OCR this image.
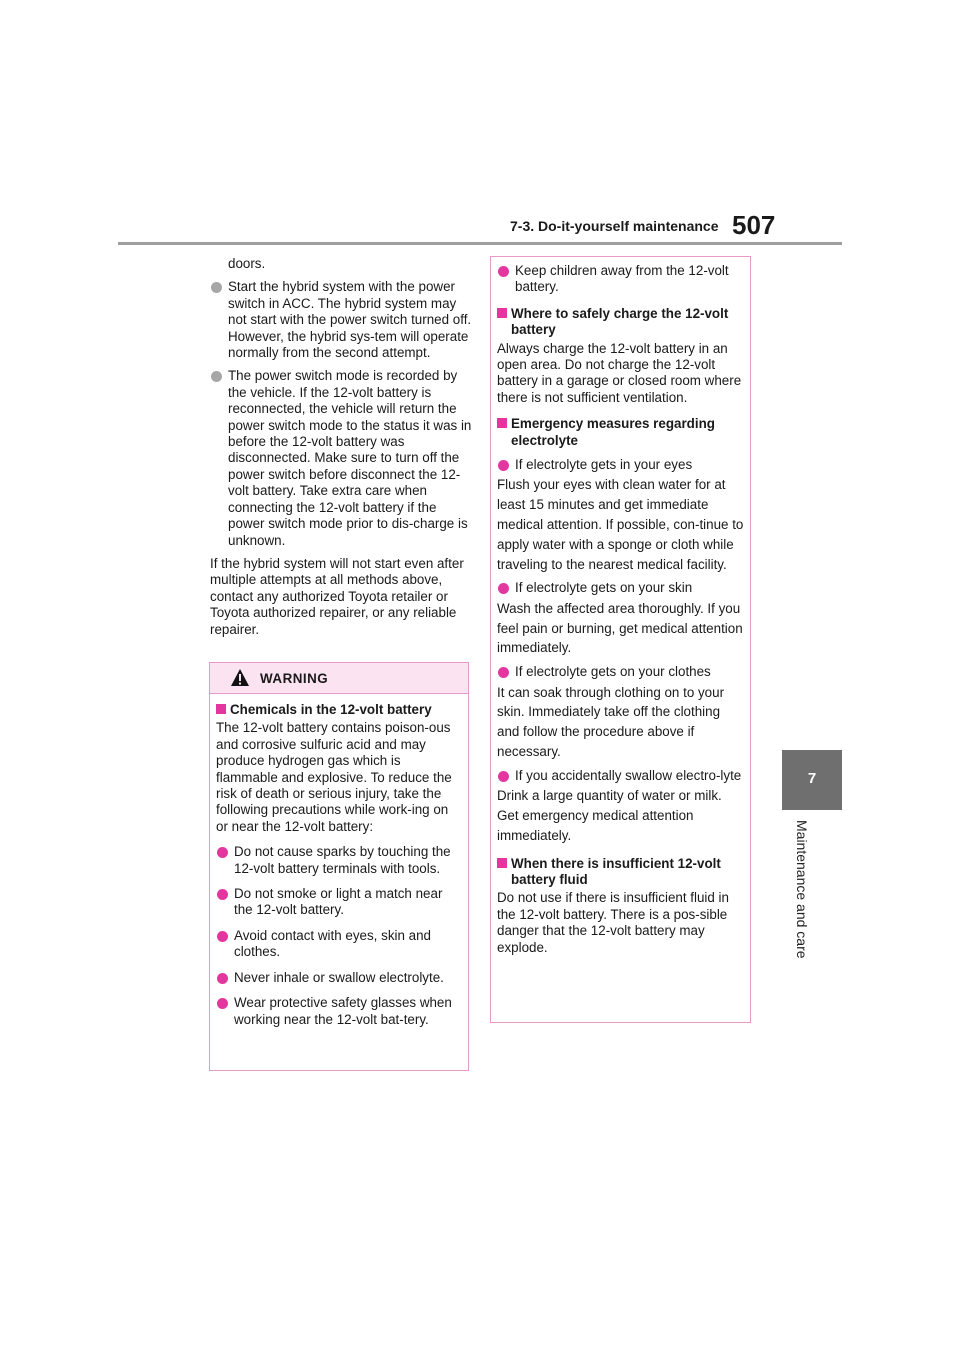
7-3. Do-it-yourself maintenance 507
7
Maintenance and care

doors.

Start the hybrid system with the power switch in ACC. The hybrid system may not start with the power switch turned off. However, the hybrid sys-tem will operate normally from the second attempt.
The power switch mode is recorded by the vehicle. If the 12-volt battery is reconnected, the vehicle will return the power switch mode to the status it was in before the 12-volt battery was disconnected. Make sure to turn off the power switch before disconnect the 12-volt battery. Take extra care when connecting the 12-volt battery if the power switch mode prior to dis-charge is unknown.

If the hybrid system will not start even after multiple attempts at all methods above, contact any authorized Toyota retailer or Toyota authorized repairer, or any reliable repairer.

WARNING
Chemicals in the 12-volt battery

The 12-volt battery contains poison-ous and corrosive sulfuric acid and may produce hydrogen gas which is flammable and explosive. To reduce the risk of death or serious injury, take the following precautions while work-ing on or near the 12-volt battery:

Do not cause sparks by touching the 12-volt battery terminals with tools.
Do not smoke or light a match near the 12-volt battery.
Avoid contact with eyes, skin and clothes.
Never inhale or swallow electrolyte.
Wear protective safety glasses when working near the 12-volt bat-tery.
Keep children away from the 12-volt battery.
Where to safely charge the 12-volt battery

Always charge the 12-volt battery in an open area. Do not charge the 12-volt battery in a garage or closed room where there is not sufficient ventilation.

Emergency measures regarding electrolyte
If electrolyte gets in your eyes

Flush your eyes with clean water for at least 15 minutes and get immediate medical attention. If possible, con-tinue to apply water with a sponge or cloth while traveling to the nearest medical facility.

If electrolyte gets on your skin

Wash the affected area thoroughly. If you feel pain or burning, get medical attention immediately.

If electrolyte gets on your clothes

It can soak through clothing on to your skin. Immediately take off the clothing and follow the procedure above if necessary.

If you accidentally swallow electro-lyte

Drink a large quantity of water or milk. Get emergency medical attention immediately.

When there is insufficient 12-volt battery fluid

Do not use if there is insufficient fluid in the 12-volt battery. There is a pos-sible danger that the 12-volt battery may explode.
